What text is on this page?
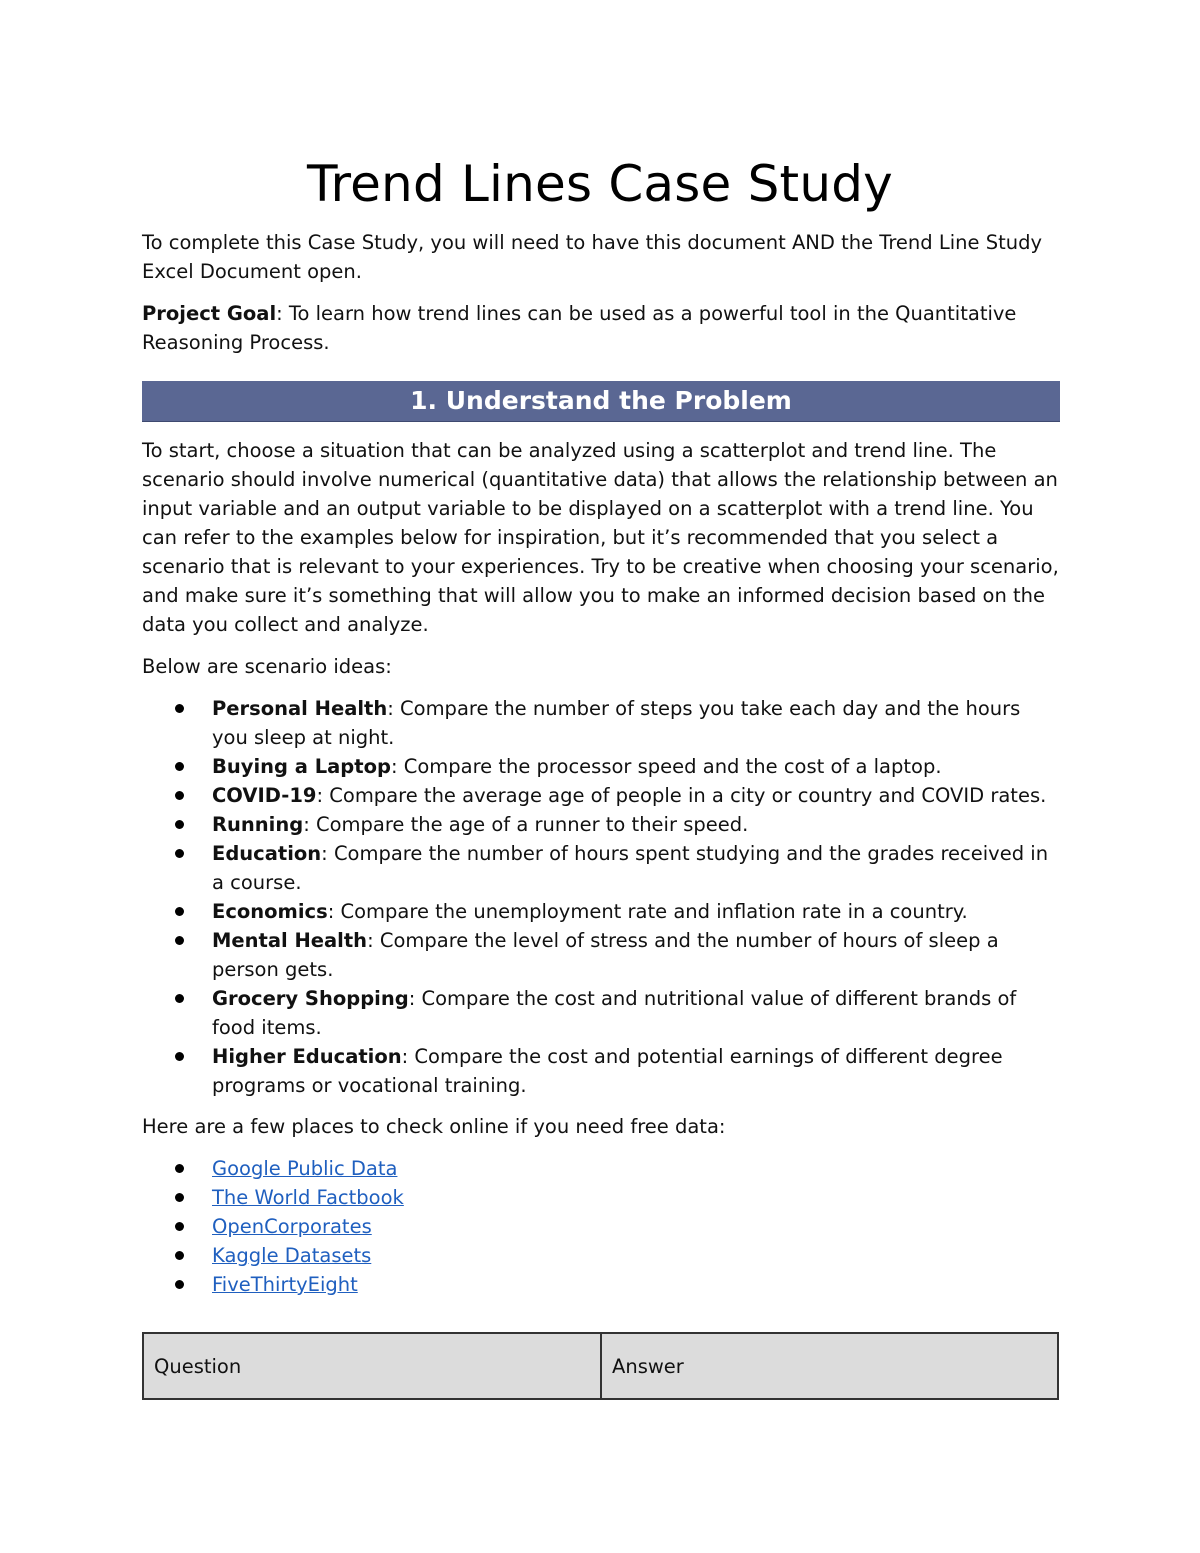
Trend Lines Case Study

To complete this Case Study, you will need to have this document AND the Trend Line Study Excel Document open.

Project Goal: To learn how trend lines can be used as a powerful tool in the Quantitative Reasoning Process.

1. Understand the Problem

To start, choose a situation that can be analyzed using a scatterplot and trend line. The scenario should involve numerical (quantitative data) that allows the relationship between an input variable and an output variable to be displayed on a scatterplot with a trend line. You can refer to the examples below for inspiration, but it’s recommended that you select a scenario that is relevant to your experiences. Try to be creative when choosing your scenario, and make sure it’s something that will allow you to make an informed decision based on the data you collect and analyze.

Below are scenario ideas:

Personal Health: Compare the number of steps you take each day and the hours you sleep at night.
Buying a Laptop: Compare the processor speed and the cost of a laptop.
COVID-19: Compare the average age of people in a city or country and COVID rates.
Running: Compare the age of a runner to their speed.
Education: Compare the number of hours spent studying and the grades received in a course.
Economics: Compare the unemployment rate and inflation rate in a country.
Mental Health: Compare the level of stress and the number of hours of sleep a person gets.
Grocery Shopping: Compare the cost and nutritional value of different brands of food items.
Higher Education: Compare the cost and potential earnings of different degree programs or vocational training.

Here are a few places to check online if you need free data:

Google Public Data
The World Factbook
OpenCorporates
Kaggle Datasets
FiveThirtyEight
Question	Answer
